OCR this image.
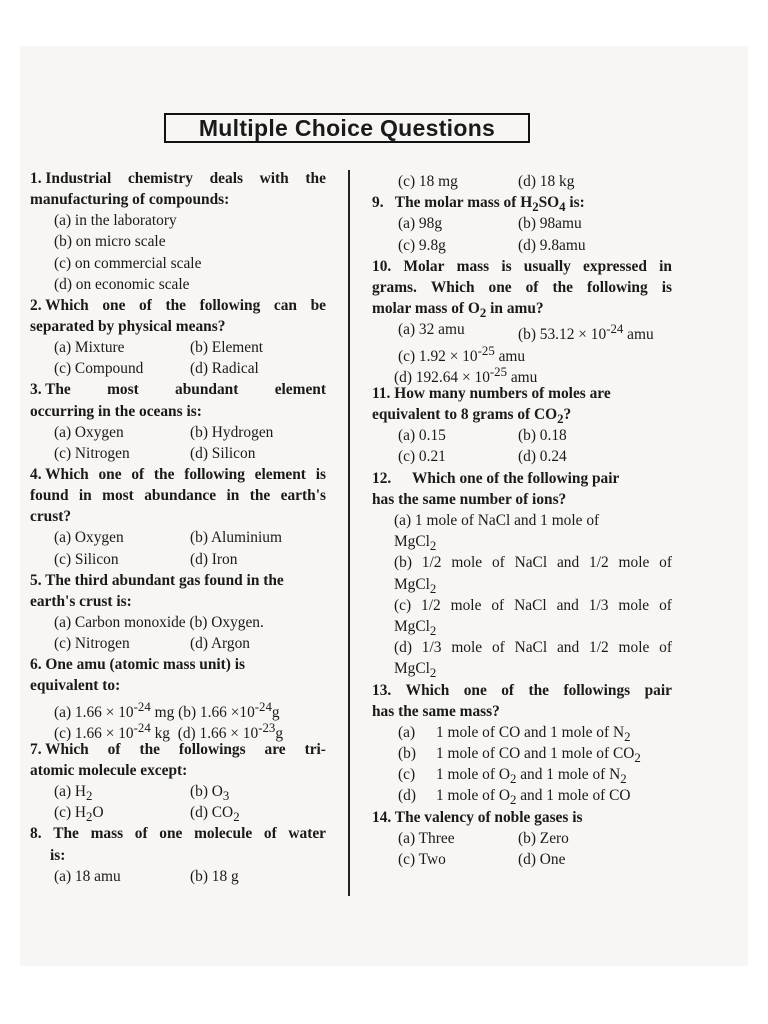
Multiple Choice Questions
1. Industrial chemistry deals with the
manufacturing of compounds:
(a) in the laboratory
(b) on micro scale
(c) on commercial scale
(d) on economic scale
2. Which one of the following can be
separated by physical means?
(a) Mixture	(b) Element
(c) Compound	(d) Radical
3. The most abundant element
occurring in the oceans is:
(a) Oxygen	(b) Hydrogen
(c) Nitrogen	(d) Silicon
4. Which one of the following element is
found in most abundance in the earth's
crust?
(a) Oxygen	(b) Aluminium
(c) Silicon	(d) Iron
5. The third abundant gas found in the
earth's crust is:
(a) Carbon monoxide (b) Oxygen.
(c) Nitrogen	(d) Argon
6. One amu (atomic mass unit) is
equivalent to:
(a) $1.66 \times 10^{-24}$ mg (b) $1.66 \times 10^{-24}g$
(c) $1.66 \times 10^{-24}$ kg (d) $1.66 \times 10^{-23}g$
7. Which of the followings are tri-
atomic molecule except:
(a) $H_2$	(b) $O_3$
(c) $H_2O$	(d) $CO_2$
8. The mass of one molecule of water
is:
(a) 18 amu	(b) 18 g
(c) 18 mg	(d) 18 kg
9.   The molar mass of $H_2SO_4$ is:
(a) 98g	(b) 98amu
(c) 9.8g	(d) 9.8amu
10. Molar mass is usually expressed in
grams. Which one of the following is
molar mass of $O_2$ in amu?
(a) 32 amu	(b) $53.12 \times 10^{-24}$ amu
(c) $1.92 \times 10^{-25}$ amu
(d) $192.64 \times 10^{-25}$ amu
11. How many numbers of moles are
equivalent to 8 grams of $CO_2$?
(a) 0.15	(b) 0.18
(c) 0.21	(d) 0.24
12.	Which one of the following pair
has the same number of ions?
(a) 1 mole of NaCl and 1 mole of
MgCl$_2$
(b) 1/2 mole of NaCl and 1/2 mole of
MgCl$_2$
(c) 1/2 mole of NaCl and 1/3 mole of
MgCl$_2$
(d) 1/3 mole of NaCl and 1/2 mole of
MgCl$_2$
13. Which one of the followings pair
has the same mass?
(a)	1 mole of CO and 1 mole of $N_2$
(b)	1 mole of CO and 1 mole of $CO_2$
(c)	1 mole of $O_2$ and 1 mole of $N_2$
(d)	1 mole of $O_2$ and 1 mole of CO
14. The valency of noble gases is
(a) Three	(b) Zero
(c) Two	(d) One
